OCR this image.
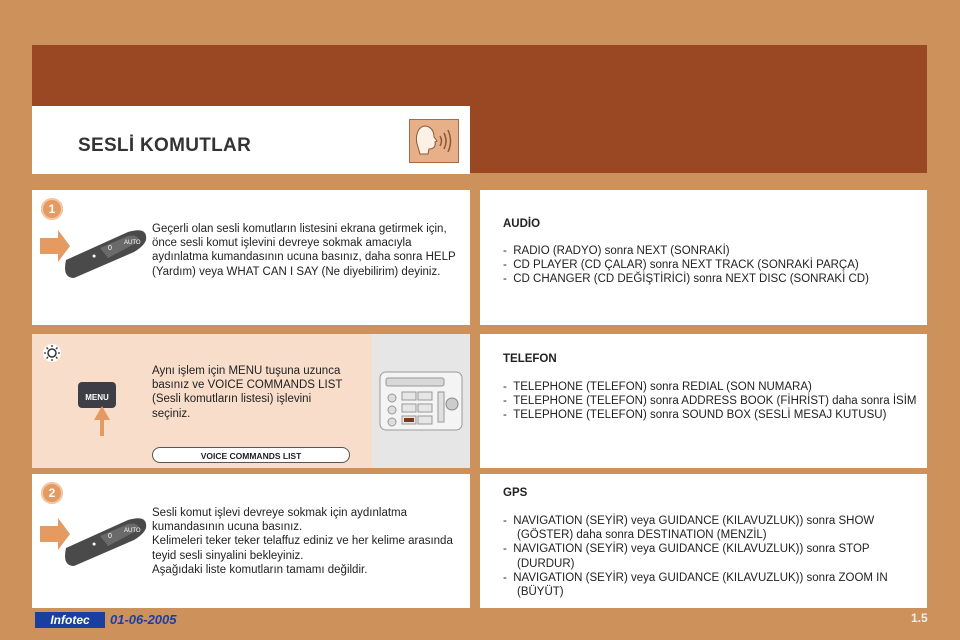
SESLİ KOMUTLAR
1
●
0
AUTO
Geçerli olan sesli komutların listesini ekrana getirmek için, önce sesli komut işlevini devreye sokmak amacıyla aydınlatma kumandasının ucuna basınız, daha sonra HELP (Yardım) veya WHAT CAN I SAY (Ne diyebilirim) deyiniz.
MENU
Aynı işlem için MENU tuşuna uzunca basınız ve VOICE COMMANDS LIST (Sesli komutların listesi) işlevini seçiniz.
VOICE COMMANDS LIST
2
●
0
AUTO
Sesli komut işlevi devreye sokmak için aydınlatma kumandasının ucuna basınız.
Kelimeleri teker teker telaffuz ediniz ve her kelime arasında teyid sesli sinyalini bekleyiniz.
Aşağıdaki liste komutların tamamı değildir.
AUDİO
-  RADIO (RADYO) sonra NEXT (SONRAKİ)
-  CD PLAYER (CD ÇALAR) sonra NEXT TRACK (SONRAKİ PARÇA)
-  CD CHANGER (CD DEĞİŞTİRİCİ) sonra NEXT DISC (SONRAKİ CD)
TELEFON
-  TELEPHONE (TELEFON) sonra REDIAL (SON NUMARA)
-  TELEPHONE (TELEFON) sonra ADDRESS BOOK (FİHRİST) daha sonra İSİM
-  TELEPHONE (TELEFON) sonra SOUND BOX (SESLİ MESAJ KUTUSU)
GPS
-  NAVIGATION (SEYİR) veya GUIDANCE (KILAVUZLUK)) sonra SHOW (GÖSTER) daha sonra DESTINATION (MENZİL)
-  NAVIGATION (SEYİR) veya GUIDANCE (KILAVUZLUK)) sonra STOP (DURDUR)
-  NAVIGATION (SEYİR) veya GUIDANCE (KILAVUZLUK)) sonra ZOOM IN (BÜYÜT)
Infotec	01-06-2005	1.5
